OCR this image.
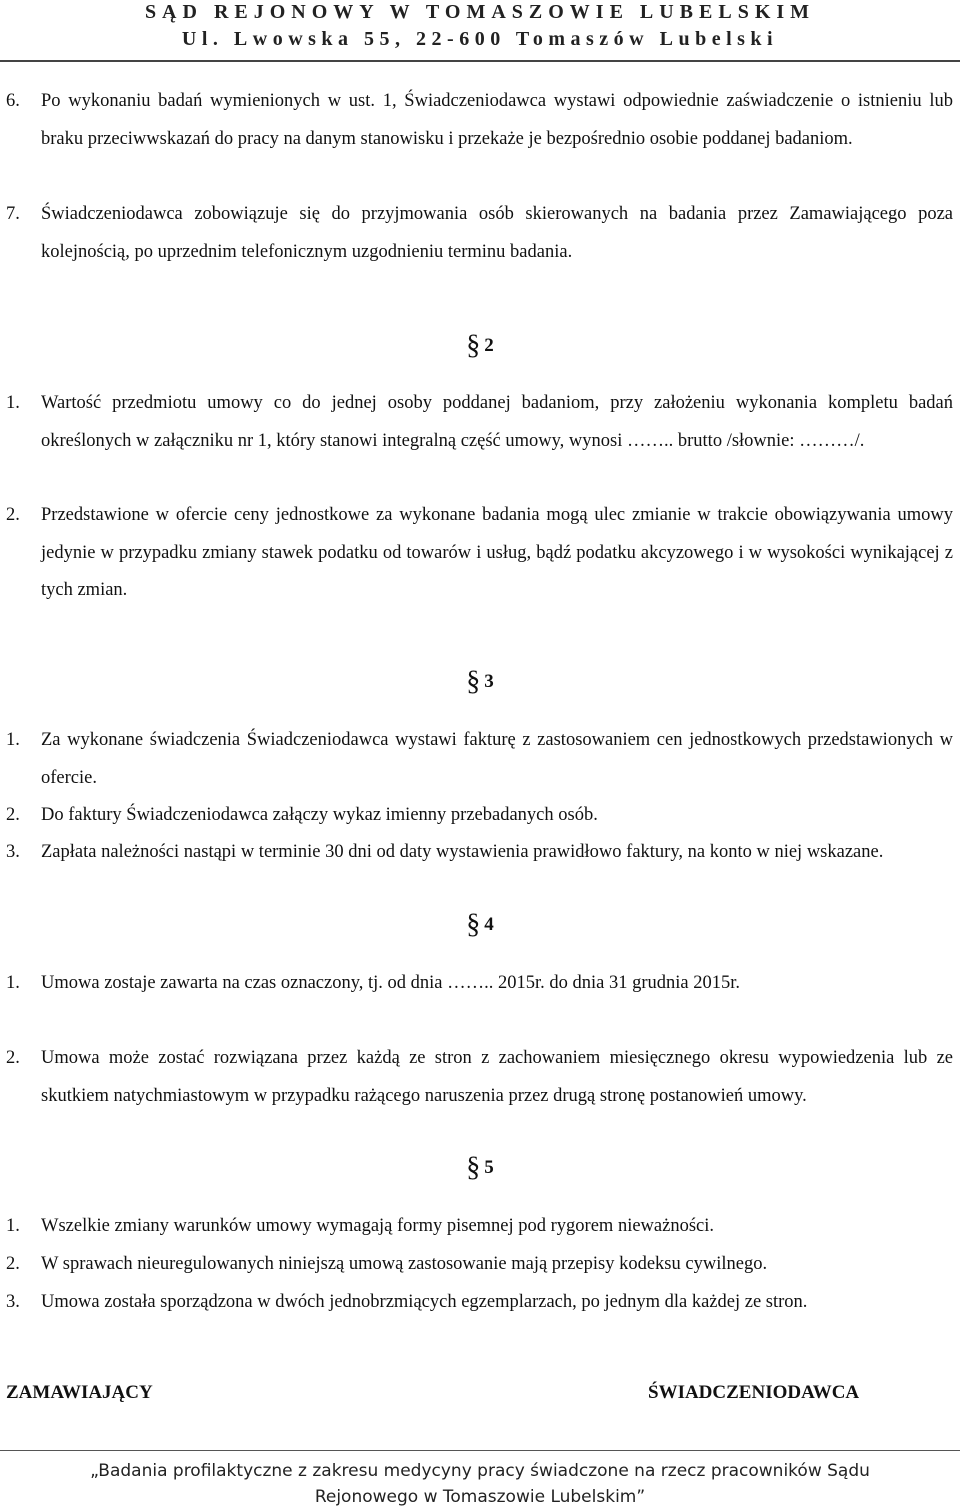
SĄD REJONOWY W TOMASZOWIE LUBELSKIM
Ul. Lwowska 55, 22-600 Tomaszów Lubelski
6. Po wykonaniu badań wymienionych w ust. 1, Świadczeniodawca wystawi odpowiednie zaświadczenie o istnieniu lub braku przeciwwskazań do pracy na danym stanowisku i przekaże je bezpośrednio osobie poddanej badaniom.
7. Świadczeniodawca zobowiązuje się do przyjmowania osób skierowanych na badania przez Zamawiającego poza kolejnością, po uprzednim telefonicznym uzgodnieniu terminu badania.
§ 2
1. Wartość przedmiotu umowy co do jednej osoby poddanej badaniom, przy założeniu wykonania kompletu badań określonych w załączniku nr 1, który stanowi integralną część umowy, wynosi …….. brutto /słownie: ………/.
2. Przedstawione w ofercie ceny jednostkowe za wykonane badania mogą ulec zmianie w trakcie obowiązywania umowy jedynie w przypadku zmiany stawek podatku od towarów i usług, bądź podatku akcyzowego i w wysokości wynikającej z tych zmian.
§ 3
1. Za wykonane świadczenia Świadczeniodawca wystawi fakturę z zastosowaniem cen jednostkowych przedstawionych w ofercie.
2. Do faktury Świadczeniodawca załączy wykaz imienny przebadanych osób.
3. Zapłata należności nastąpi w terminie 30 dni od daty wystawienia prawidłowo faktury, na konto w niej wskazane.
§ 4
1. Umowa zostaje zawarta na czas oznaczony, tj. od dnia …….. 2015r. do dnia 31 grudnia 2015r.
2. Umowa może zostać rozwiązana przez każdą ze stron z zachowaniem miesięcznego okresu wypowiedzenia lub ze skutkiem natychmiastowym w przypadku rażącego naruszenia przez drugą stronę postanowień umowy.
§ 5
1. Wszelkie zmiany warunków umowy wymagają formy pisemnej pod rygorem nieważności.
2. W sprawach nieuregulowanych niniejszą umową zastosowanie mają przepisy kodeksu cywilnego.
3. Umowa została sporządzona w dwóch jednobrzmiących egzemplarzach, po jednym dla każdej ze stron.
ZAMAWIAJĄCY	ŚWIADCZENIODAWCA
„Badania profilaktyczne z zakresu medycyny pracy świadczone na rzecz pracowników Sądu
Rejonowego w Tomaszowie Lubelskim”
